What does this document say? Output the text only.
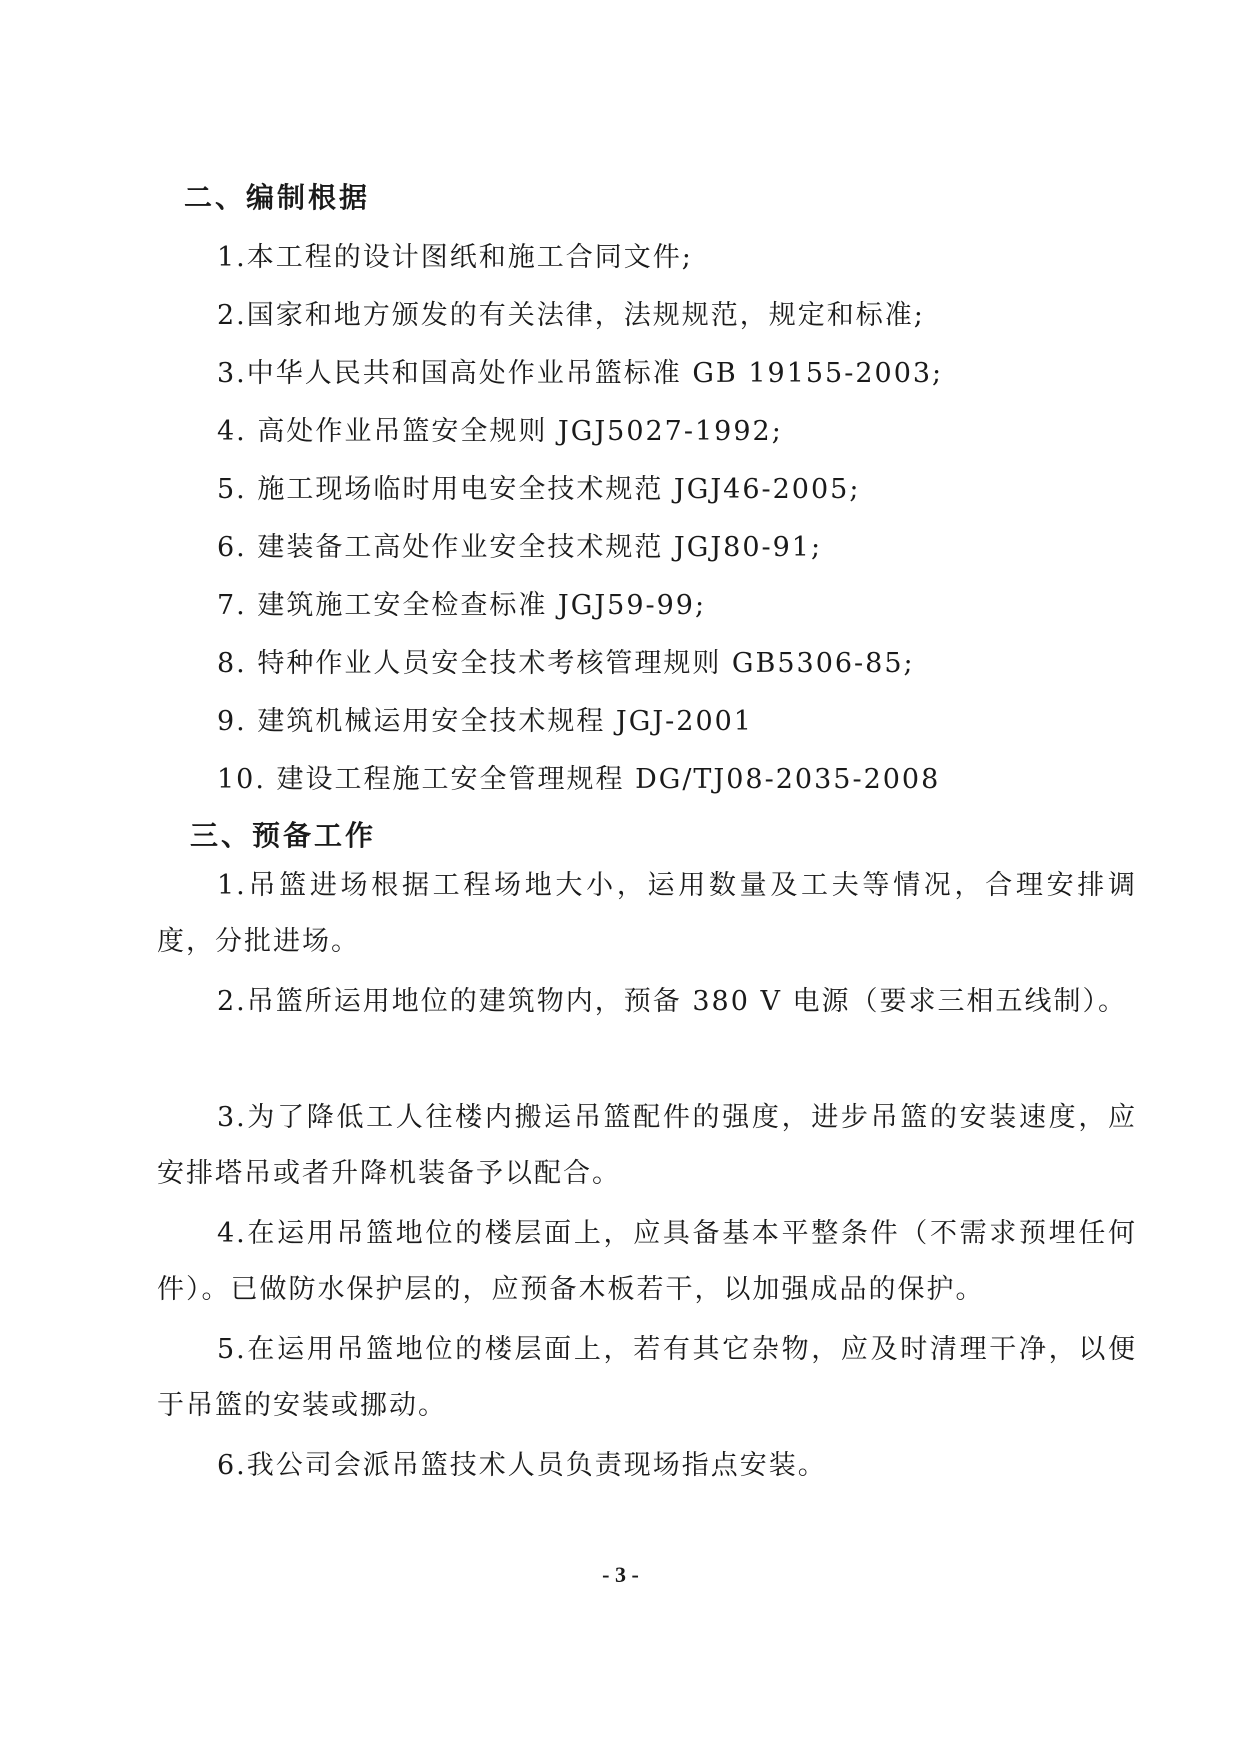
二、编制根据
1.本工程的设计图纸和施工合同文件;
2.国家和地方颁发的有关法律，法规规范，规定和标准;
3.中华人民共和国高处作业吊篮标准 GB 19155-2003;
4. 高处作业吊篮安全规则 JGJ5027-1992;
5. 施工现场临时用电安全技术规范 JGJ46-2005;
6. 建装备工高处作业安全技术规范 JGJ80-91;
7. 建筑施工安全检查标准 JGJ59-99;
8. 特种作业人员安全技术考核管理规则 GB5306-85;
9. 建筑机械运用安全技术规程 JGJ-2001
10. 建设工程施工安全管理规程 DG/TJ08-2035-2008
三、预备工作
1.吊篮进场根据工程场地大小，运用数量及工夫等情况，合理安排调度，分批进场。
2.吊篮所运用地位的建筑物内，预备 380 V 电源（要求三相五线制）。
3.为了降低工人往楼内搬运吊篮配件的强度，进步吊篮的安装速度，应安排塔吊或者升降机装备予以配合。
4.在运用吊篮地位的楼层面上，应具备基本平整条件（不需求预埋任何件）。已做防水保护层的，应预备木板若干，以加强成品的保护。
5.在运用吊篮地位的楼层面上，若有其它杂物，应及时清理干净，以便于吊篮的安装或挪动。
6.我公司会派吊篮技术人员负责现场指点安装。
- 3 -
